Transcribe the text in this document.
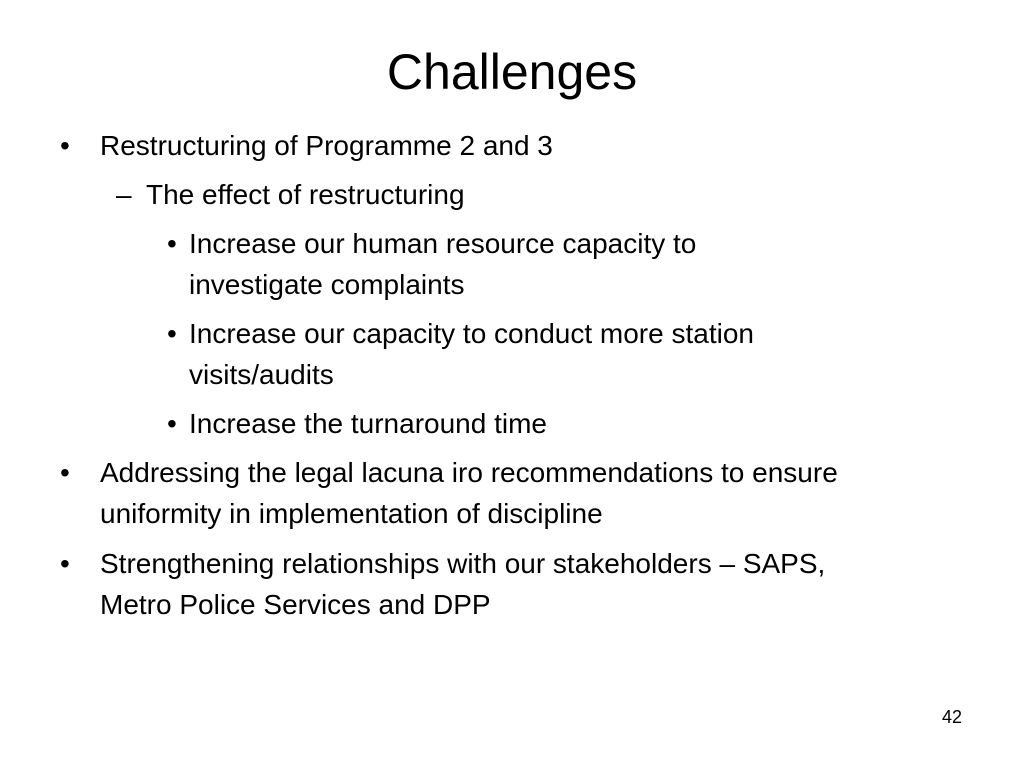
Challenges
• Restructuring of Programme 2 and 3
– The effect of restructuring
• Increase our human resource capacity to investigate complaints
• Increase our capacity to conduct more station visits/audits
• Increase the turnaround time
• Addressing the legal lacuna iro recommendations to ensure uniformity in implementation of discipline
• Strengthening relationships with our stakeholders – SAPS, Metro Police Services and DPP
42
